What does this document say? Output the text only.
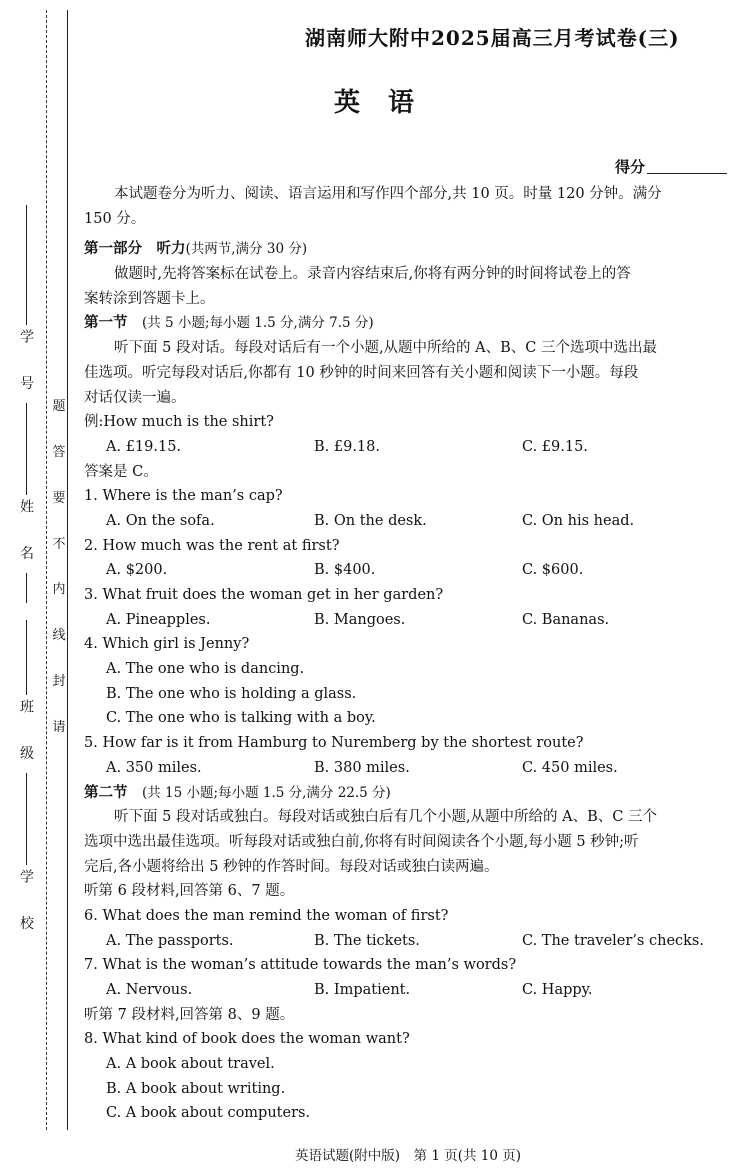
学 号
姓 名
班 级
学 校
题
答
要
不
内
线
封
请
湖南师大附中2025届高三月考试卷(三)
英语
得分
本试题卷分为听力、阅读、语言运用和写作四个部分,共 10 页。时量 120 分钟。满分
150 分。
第一部分　听力(共两节,满分 30 分)
做题时,先将答案标在试卷上。录音内容结束后,你将有两分钟的时间将试卷上的答
案转涂到答题卡上。
第一节　 (共 5 小题;每小题 1.5 分,满分 7.5 分)
听下面 5 段对话。每段对话后有一个小题,从题中所给的 A、B、C 三个选项中选出最
佳选项。听完每段对话后,你都有 10 秒钟的时间来回答有关小题和阅读下一小题。每段
对话仅读一遍。
例:How much is the shirt?
A. £19.15.	B. £9.18.	C. £9.15.
答案是 C。
1. Where is the man’s cap?
A. On the sofa.	B. On the desk.	C. On his head.
2. How much was the rent at first?
A. $200.	B. $400.	C. $600.
3. What fruit does the woman get in her garden?
A. Pineapples.	B. Mangoes.	C. Bananas.
4. Which girl is Jenny?
A. The one who is dancing.
B. The one who is holding a glass.
C. The one who is talking with a boy.
5. How far is it from Hamburg to Nuremberg by the shortest route?
A. 350 miles.	B. 380 miles.	C. 450 miles.
第二节　 (共 15 小题;每小题 1.5 分,满分 22.5 分)
听下面 5 段对话或独白。每段对话或独白后有几个小题,从题中所给的 A、B、C 三个
选项中选出最佳选项。听每段对话或独白前,你将有时间阅读各个小题,每小题 5 秒钟;听
完后,各小题将给出 5 秒钟的作答时间。每段对话或独白读两遍。
听第 6 段材料,回答第 6、7 题。
6. What does the man remind the woman of first?
A. The passports.	B. The tickets.	C. The traveler’s checks.
7. What is the woman’s attitude towards the man’s words?
A. Nervous.	B. Impatient.	C. Happy.
听第 7 段材料,回答第 8、9 题。
8. What kind of book does the woman want?
A. A book about travel.
B. A book about writing.
C. A book about computers.
英语试题(附中版)　第 1 页(共 10 页)
